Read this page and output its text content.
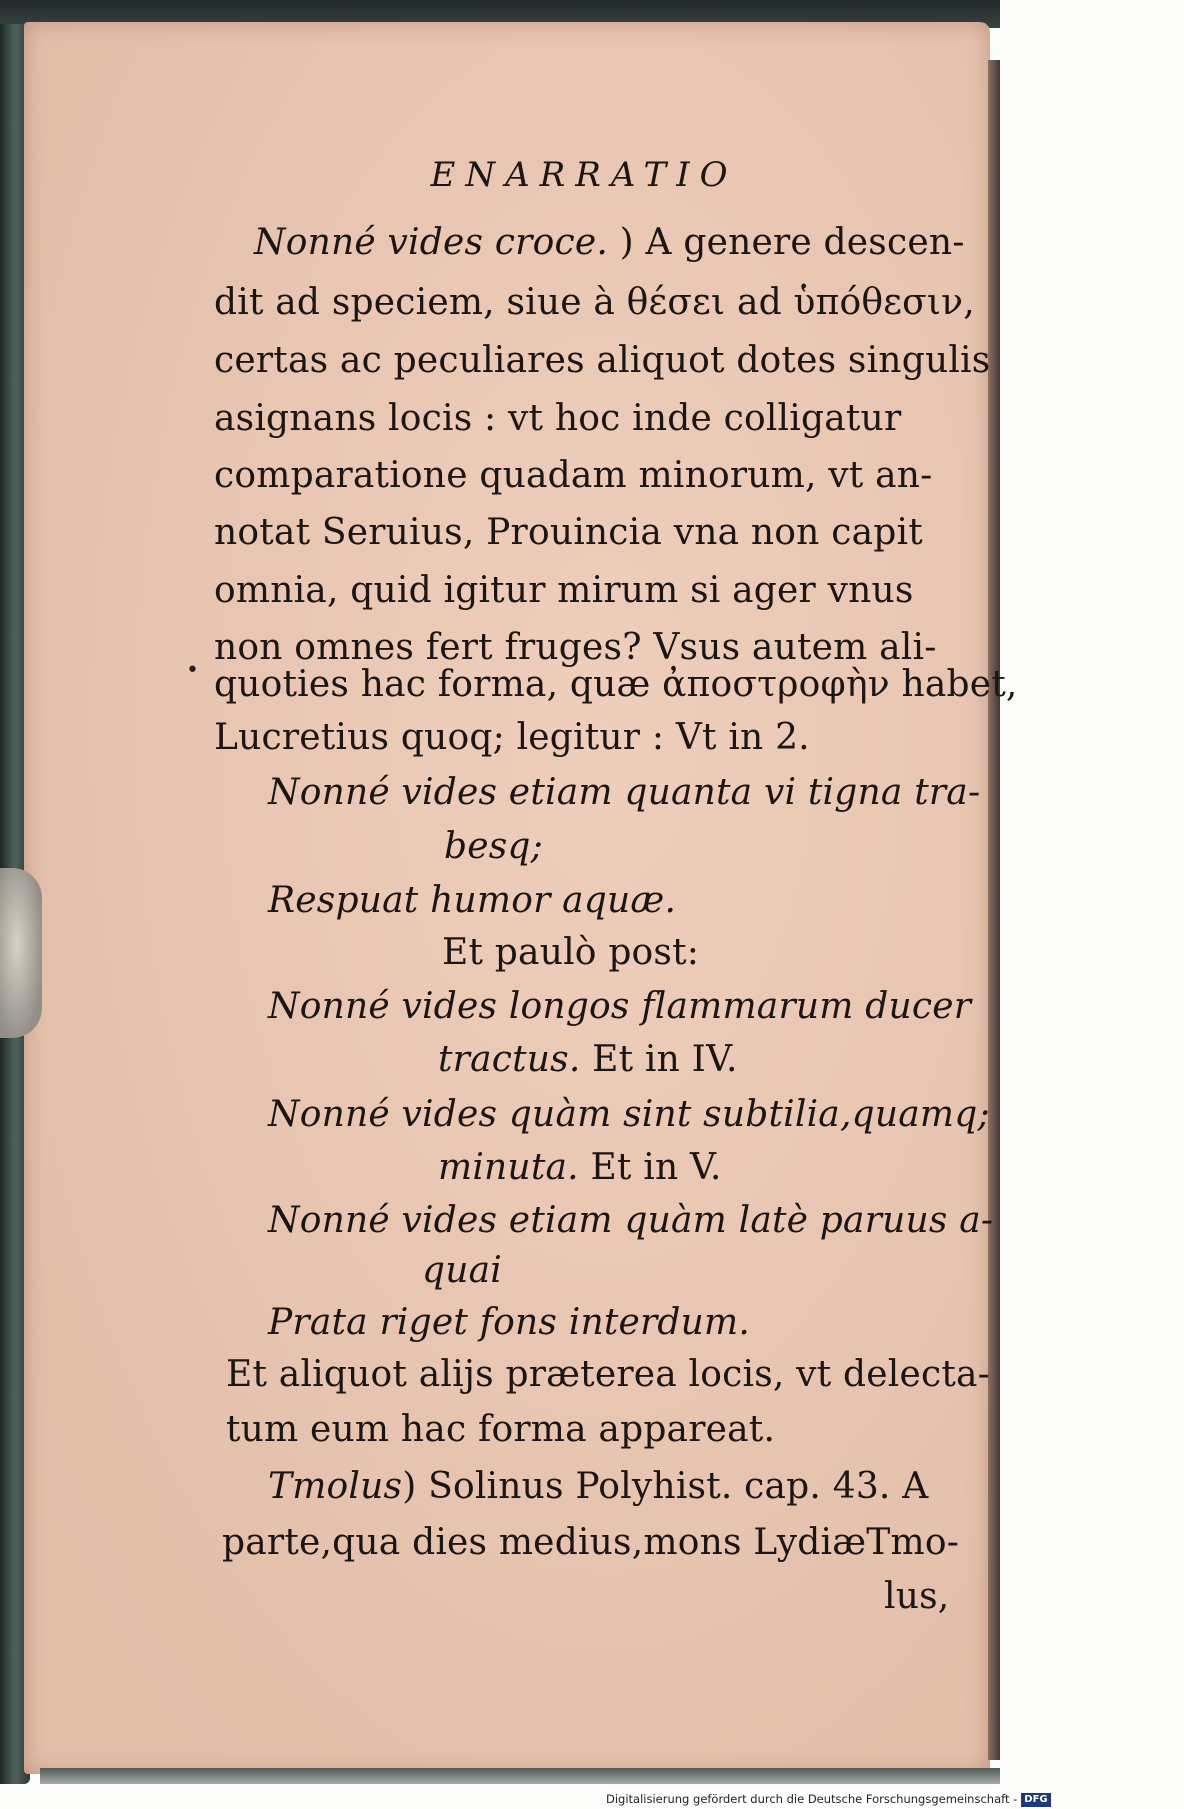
ENARRATIO
Nonné vides croce. ) A genere descen-
dit ad speciem, siue à θέσει ad ὑπόθεσιν,
certas ac peculiares aliquot dotes singulis
asignans locis : vt hoc inde colligatur
comparatione quadam minorum, vt an-
notat Seruius, Prouincia vna non capit
omnia, quid igitur mirum si ager vnus
non omnes fert fruges? Vsus autem ali-
• quoties hac forma, quæ ἀποστροφὴν habet,
Lucretius quoq; legitur : Vt in 2.
Nonné vides etiam quanta vi tigna tra-
besq;
Respuat humor aquæ.
Et paulò post:
Nonné vides longos flammarum ducer
tractus. Et in IV.
Nonné vides quàm sint subtilia,quamq;
minuta. Et in V.
Nonné vides etiam quàm latè paruus a-
quai
Prata riget fons interdum.
Et aliquot alijs præterea locis, vt delecta-
tum eum hac forma appareat.
Tmolus) Solinus Polyhist. cap. 43. A
parte,qua dies medius,mons LydiæTmo-
lus,
Digitalisierung gefördert durch die Deutsche Forschungsgemeinschaft - DFG
